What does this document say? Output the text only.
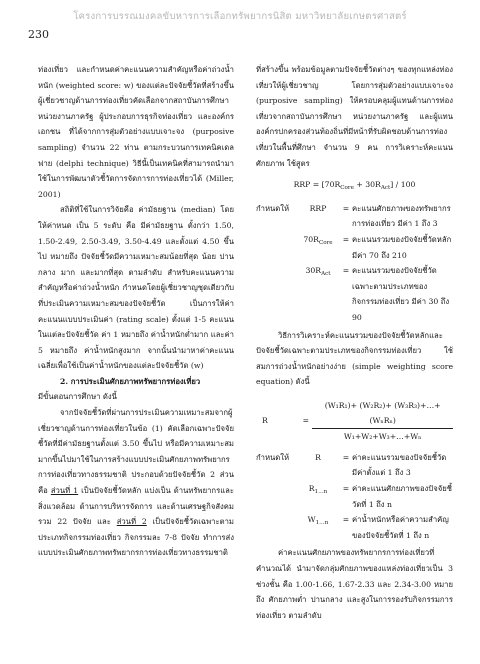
โครงการบรรณมงคลขับหารการเลือกทรัพยากรนิสิต มหาวิทยาลัยเกษตรศาสตร์
230

ท่องเที่ยว และกำหนดค่าคะแนนความสำคัญหรือค่าถ่วงน้ำหนัก (weighted score: w) ของแต่ละปัจจัยชี้วัดที่สร้างขึ้น ผู้เชี่ยวชาญด้านการท่องเที่ยวคัดเลือกจากสถาบันการศึกษา หน่วยงานภาครัฐ ผู้ประกอบการธุรกิจท่องเที่ยว และองค์กรเอกชน ที่ได้จากการสุ่มตัวอย่างแบบเจาะจง (purposive sampling) จำนวน 22 ท่าน ตามกระบวนการเทคนิคเดลฟาย (delphi technique) วิธีนี้เป็นเทคนิคที่สามารถนำมาใช้ในการพัฒนาตัวชี้วัดการจัดการการท่องเที่ยวได้ (Miller, 2001)

สถิติที่ใช้ในการวิจัยคือ ค่ามัธยฐาน (median) โดยให้ค่าหนด เป็น 5 ระดับ คือ มีค่ามัธยฐาน ตั้งกว่า 1.50, 1.50-2.49, 2.50-3.49, 3.50-4.49 และตั้งแต่ 4.50 ขึ้นไป หมายถึง ปัจจัยชี้วัดมีความเหมาะสมน้อยที่สุด น้อย ปานกลาง มาก และมากที่สุด ตามลำดับ สำหรับคะแนนความสำคัญหรือค่าถ่วงน้ำหนัก กำหนดโดยผู้เชี่ยวชาญชุดเดียวกับที่ประเมินความเหมาะสมของปัจจัยชี้วัด เป็นการให้ค่าคะแนนแบบประเมินค่า (rating scale) ตั้งแต่ 1-5 คะแนน ในแต่ละปัจจัยชี้วัด ค่า 1 หมายถึง ค่าน้ำหนักต่ำมาก และค่า 5 หมายถึง ค่าน้ำหนักสูงมาก จากนั้นนำมาหาค่าคะแนนเฉลี่ยเพื่อใช้เป็นค่าน้ำหนักของแต่ละปัจจัยชี้วัด (w)

2. การประเมินศักยภาพทรัพยากรท่องเที่ยว

มีขั้นตอนการศึกษา ดังนี้

จากปัจจัยชี้วัดที่ผ่านการประเมินความเหมาะสมจากผู้เชี่ยวชาญด้านการท่องเที่ยวในข้อ (1) คัดเลือกเฉพาะปัจจัยชี้วัดที่มีค่ามัธยฐานตั้งแต่ 3.50 ขึ้นไป หรือมีความเหมาะสมมากขึ้นไปมาใช้ในการสร้างแบบประเมินศักยภาพทรัพยากรการท่องเที่ยวทางธรรมชาติ ประกอบด้วยปัจจัยชี้วัด 2 ส่วน คือ ส่วนที่ 1 เป็นปัจจัยชี้วัดหลัก แบ่งเป็น ด้านทรัพยากรและสิ่งแวดล้อม ด้านการบริหารจัดการ และด้านเศรษฐกิจสังคม รวม 22 ปัจจัย และ ส่วนที่ 2 เป็นปัจจัยชี้วัดเฉพาะตามประเภทกิจกรรมท่องเที่ยว กิจกรรมละ 7-8 ปัจจัย ทำการส่งแบบประเมินศักยภาพทรัพยากรการท่องเที่ยวทางธรรมชาติ

ที่สร้างขึ้น พร้อมข้อมูลตามปัจจัยชี้วัดต่างๆ ของทุกแหล่งท่องเที่ยวให้ผู้เชี่ยวชาญ โดยการสุ่มตัวอย่างแบบเจาะจง (purposive sampling) ให้ครอบคลุมผู้แทนด้านการท่องเที่ยวจากสถาบันการศึกษา หน่วยงานภาครัฐ และผู้แทนองค์กรปกครองส่วนท้องถิ่นที่มีหน้าที่รับผิดชอบด้านการท่องเที่ยวในพื้นที่ศึกษา จำนวน 9 คน การวิเคราะห์คะแนนศักยภาพ ใช้สูตร

RRP = $[70R_{Core} + 30R_{Act}] / 100$
กำหนดให้	RRP	=	คะแนนศักยภาพของทรัพยากรการท่องเที่ยว มีค่า 1 ถึง 3
	$70R_{Core}$	=	คะแนนรวมของปัจจัยชี้วัดหลัก มีค่า 70 ถึง 210
	$30R_{Act}$	=	คะแนนรวมของปัจจัยชี้วัดเฉพาะตามประเภทของกิจกรรมท่องเที่ยว มีค่า 30 ถึง 90

วิธีการวิเคราะห์คะแนนรวมของปัจจัยชี้วัดหลักและปัจจัยชี้วัดเฉพาะตามประเภทของกิจกรรมท่องเที่ยว ใช้สมการถ่วงน้ำหนักอย่างง่าย (simple weighting score equation) ดังนี้

R	= $\frac{\text{(W₁R₁)+ (W₂R₂)+ (W₃R₃)+…+ (WₙRₙ)}}{\text{W₁+W₂+W₃+…+Wₙ}}$
กำหนดให้	R	=	ค่าคะแนนรวมของปัจจัยชี้วัด มีค่าตั้งแต่ 1 ถึง 3
	$R_{1\dots n}$	=	ค่าคะแนนศักยภาพของปัจจัยชี้วัดที่ 1 ถึง n
	$W_{1\dots n}$	=	ค่าน้ำหนักหรือค่าความสำคัญของปัจจัยชี้วัดที่ 1 ถึง n

ค่าคะแนนศักยภาพของทรัพยากรการท่องเที่ยวที่คำนวณได้ นำมาจัดกลุ่มศักยภาพของแหล่งท่องเที่ยวเป็น 3 ช่วงชั้น คือ 1.00-1.66, 1.67-2.33 และ 2.34-3.00 หมายถึง ศักยภาพต่ำ ปานกลาง และสูงในการรองรับกิจกรรมการท่องเที่ยว ตามลำดับ
